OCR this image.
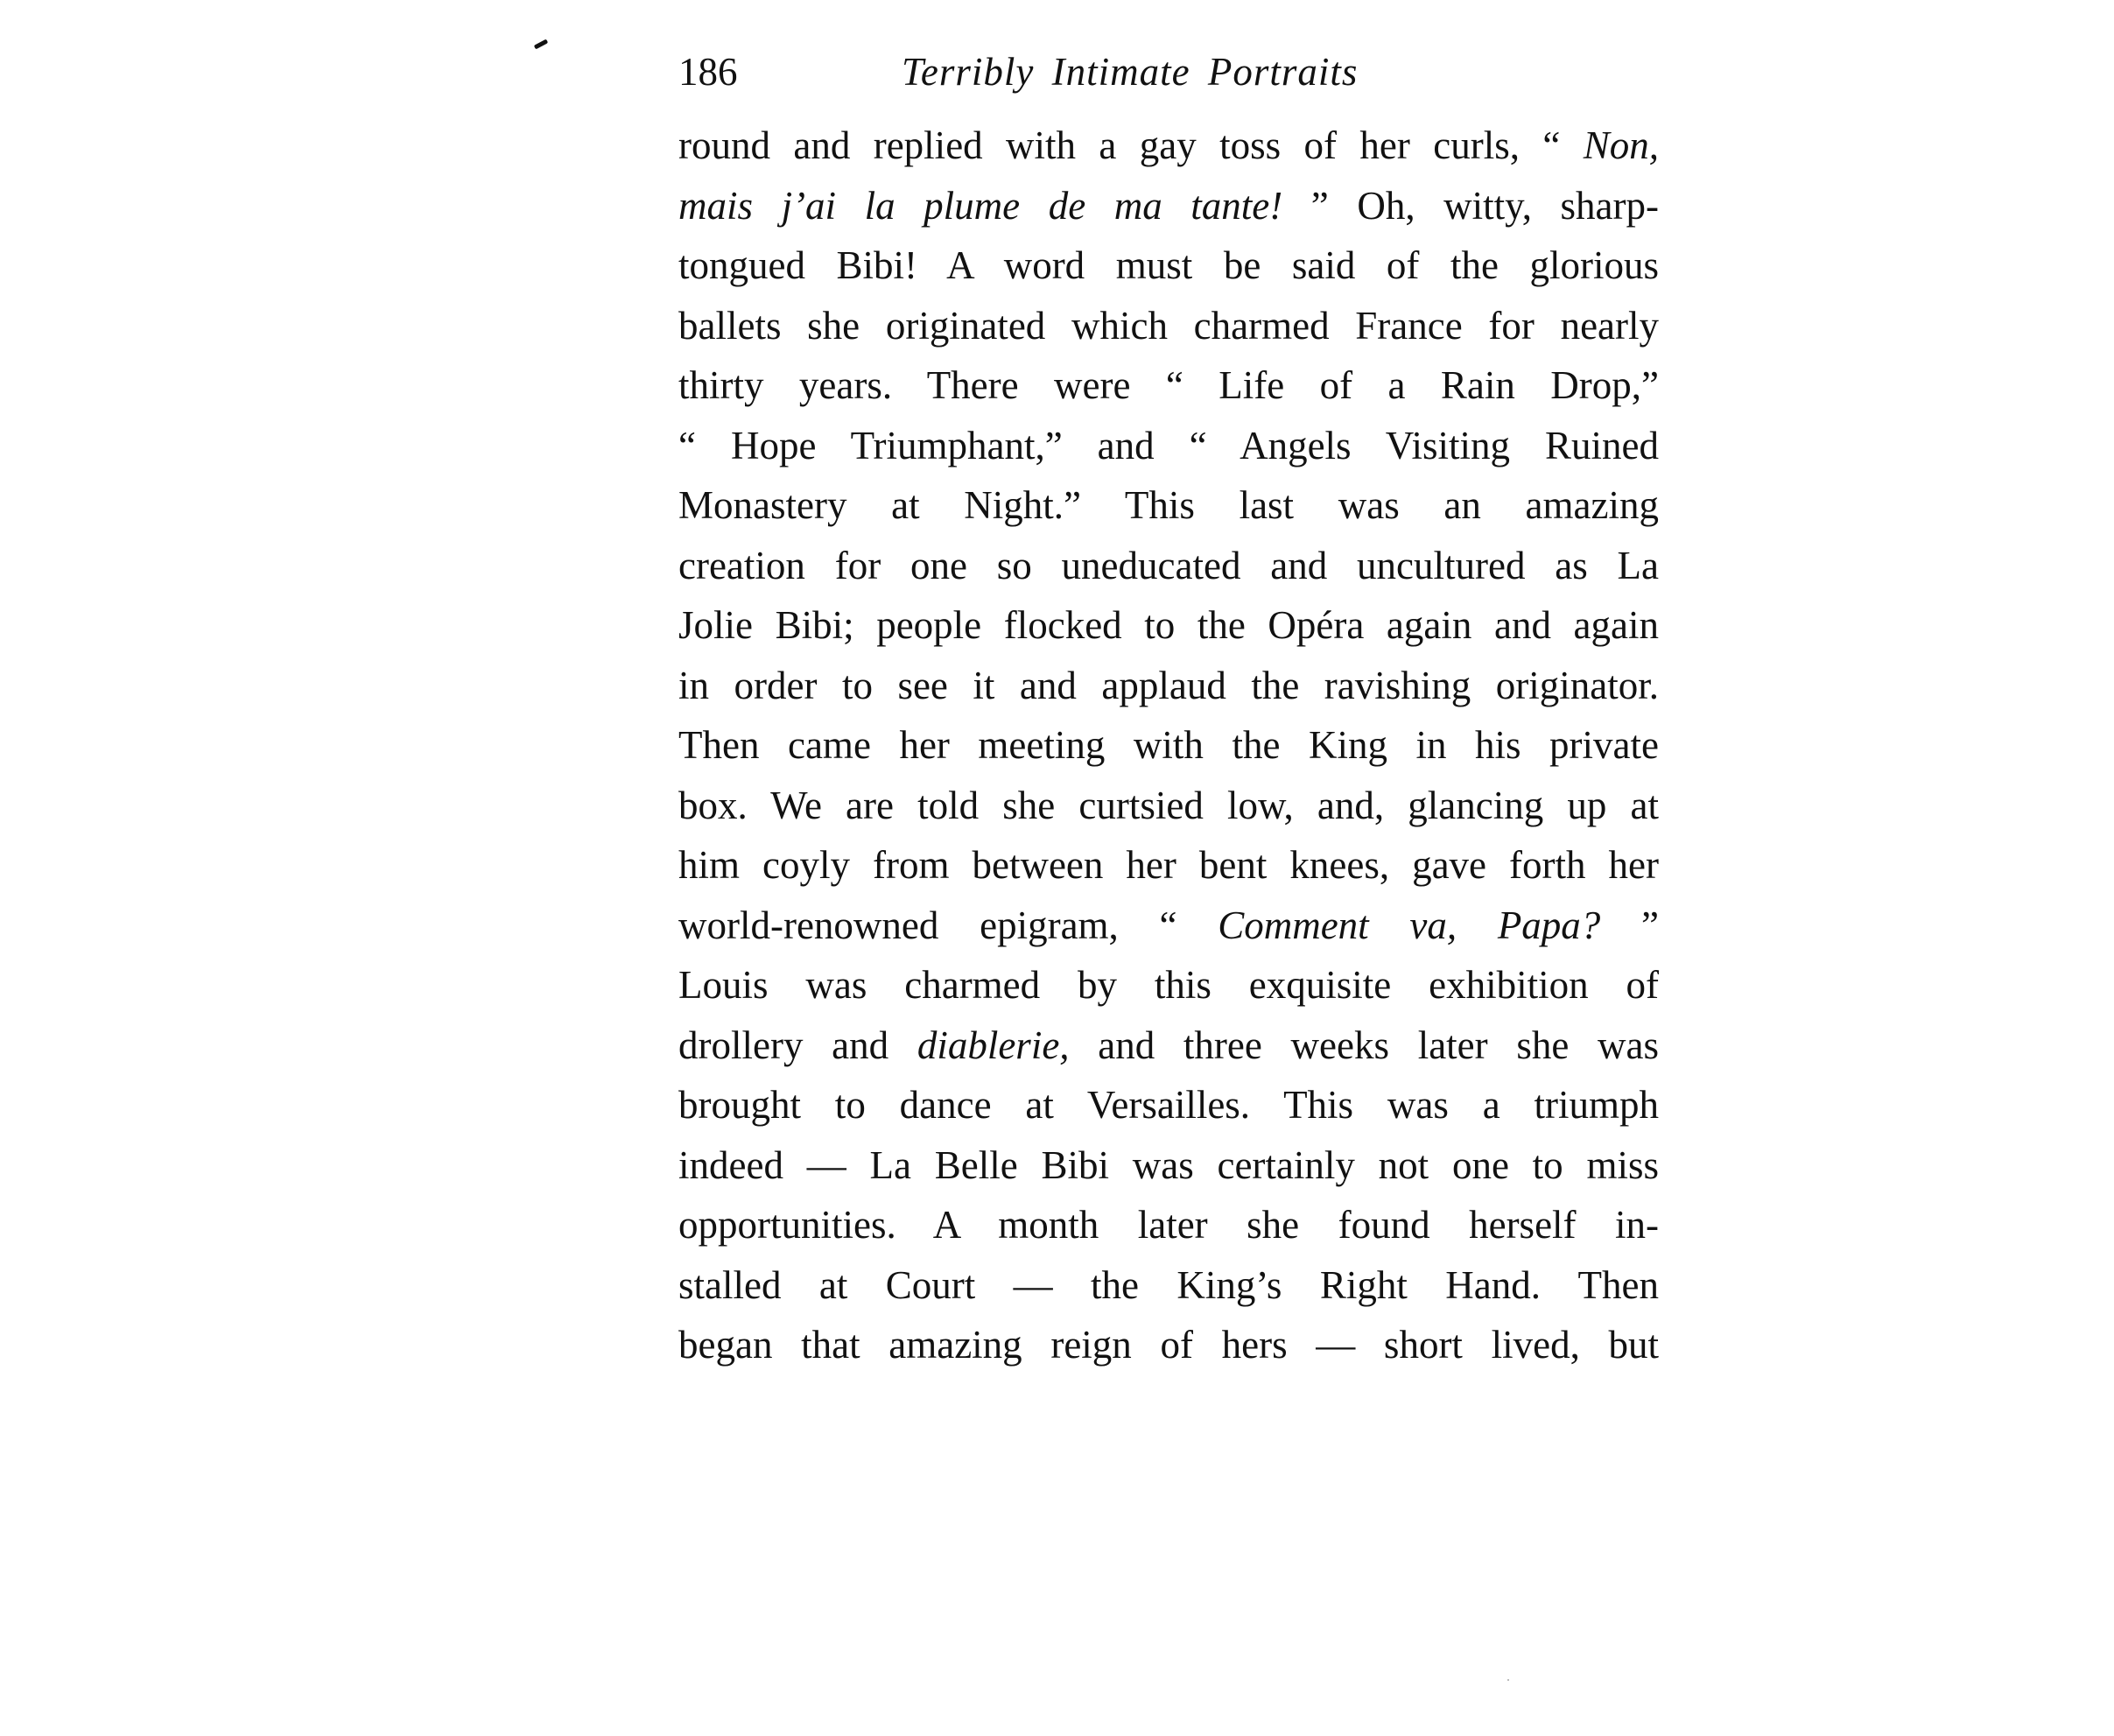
186	Terribly Intimate Portraits
round and replied with a gay toss of her curls, “ Non,
mais j’ai la plume de ma tante! ” Oh, witty, sharp-
tongued Bibi! A word must be said of the glorious
ballets she originated which charmed France for nearly
thirty years. There were “ Life of a Rain Drop,”
“ Hope Triumphant,” and “ Angels Visiting Ruined
Monastery at Night.” This last was an amazing
creation for one so uneducated and uncultured as La
Jolie Bibi; people flocked to the Opéra again and again
in order to see it and applaud the ravishing originator.
Then came her meeting with the King in his private
box. We are told she curtsied low, and, glancing up at
him coyly from between her bent knees, gave forth her
world-renowned epigram, “ Comment va, Papa? ”
Louis was charmed by this exquisite exhibition of
drollery and diablerie, and three weeks later she was
brought to dance at Versailles. This was a triumph
indeed — La Belle Bibi was certainly not one to miss
opportunities. A month later she found herself in-
stalled at Court — the King’s Right Hand. Then
began that amazing reign of hers — short lived, but
